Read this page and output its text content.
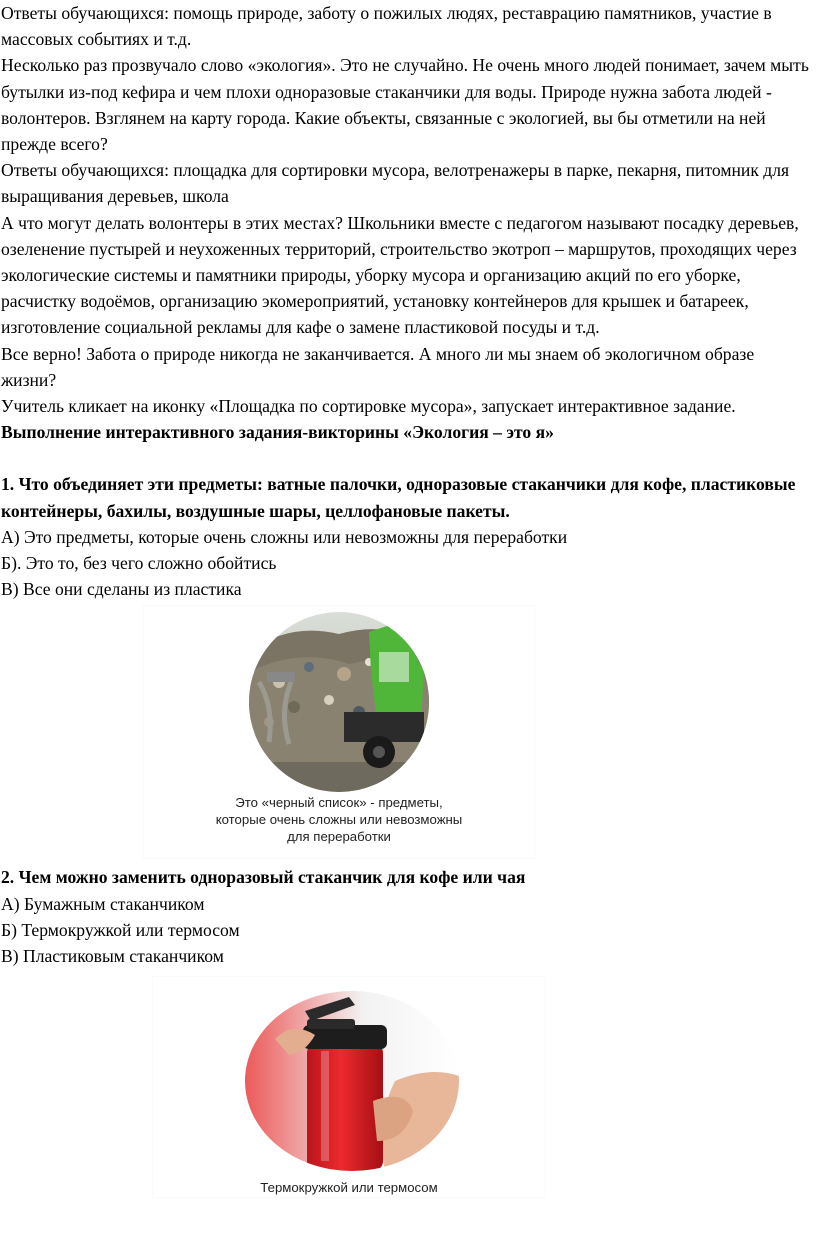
Ответы обучающихся: помощь природе, заботу о пожилых людях, реставрацию памятников, участие в массовых событиях и т.д.

Несколько раз прозвучало слово «экология». Это не случайно. Не очень много людей понимает, зачем мыть бутылки из-под кефира и чем плохи одноразовые стаканчики для воды. Природе нужна забота людей - волонтеров. Взглянем на карту города. Какие объекты, связанные с экологией, вы бы отметили на ней прежде всего?

Ответы обучающихся: площадка для сортировки мусора, велотренажеры в парке, пекарня, питомник для выращивания деревьев, школа

А что могут делать волонтеры в этих местах? Школьники вместе с педагогом называют посадку деревьев, озеленение пустырей и неухоженных территорий, строительство экотроп – маршрутов, проходящих через экологические системы и памятники природы, уборку мусора и организацию акций по его уборке, расчистку водоёмов, организацию экомероприятий, установку контейнеров для крышек и батареек, изготовление социальной рекламы для кафе о замене пластиковой посуды и т.д.

Все верно! Забота о природе никогда не заканчивается. А много ли мы знаем об экологичном образе жизни?

Учитель кликает на иконку «Площадка по сортировке мусора», запускает интерактивное задание.

Выполнение интерактивного задания-викторины «Экология – это я»

1. Что объединяет эти предметы: ватные палочки, одноразовые стаканчики для кофе, пластиковые контейнеры, бахилы, воздушные шары, целлофановые пакеты.

А) Это предметы, которые очень сложны или невозможны для переработки

Б). Это то, без чего сложно обойтись

В) Все они сделаны из пластика

Это «черный список» - предметы,

которые очень сложны или невозможны

для переработки

2. Чем можно заменить одноразовый стаканчик для кофе или чая

А) Бумажным стаканчиком

Б) Термокружкой или термосом

В) Пластиковым стаканчиком

Термокружкой или термосом
